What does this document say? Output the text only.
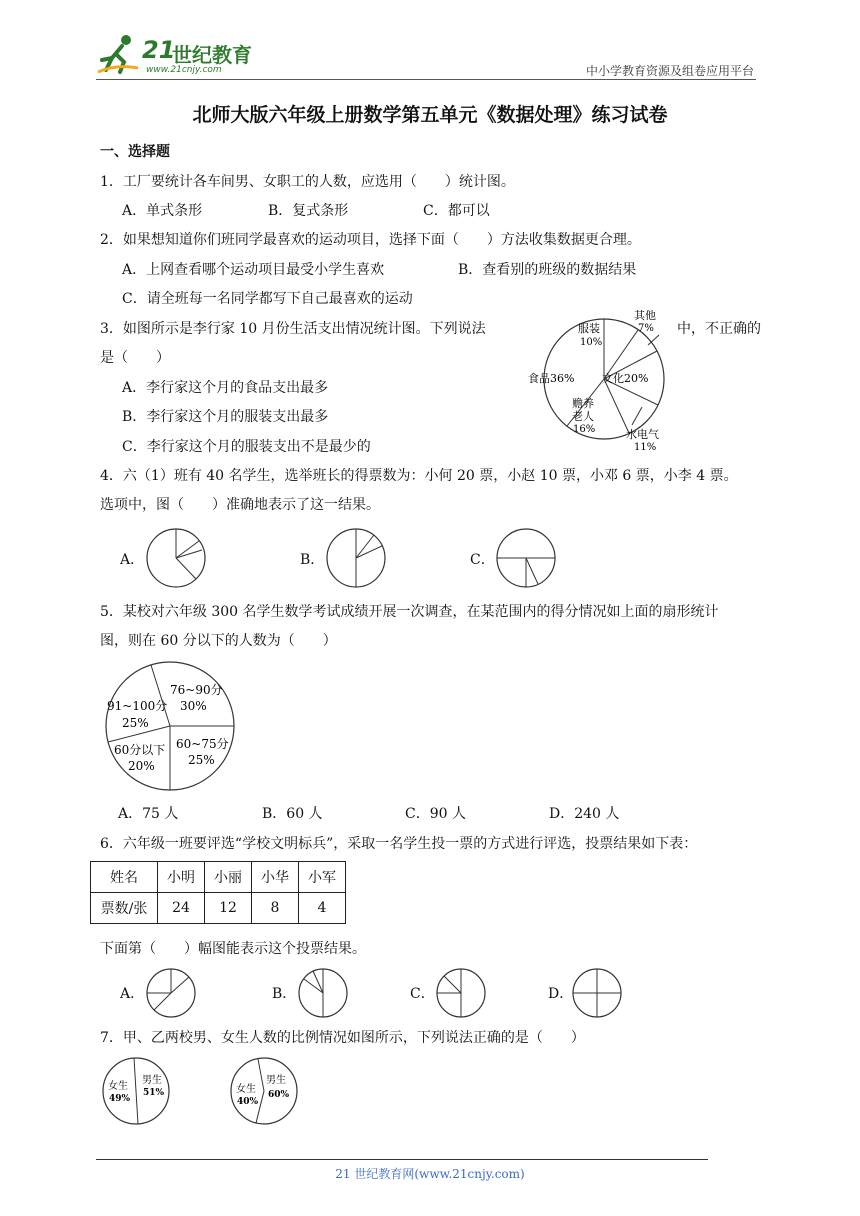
21
世纪教育
www.21cnjy.com	中小学教育资源及组卷应用平台
北师大版六年级上册数学第五单元《数据处理》练习试卷
一、选择题
1．工厂要统计各车间男、女职工的人数，应选用（　　）统计图。
A．单式条形	B．复式条形	C．都可以
2．如果想知道你们班同学最喜欢的运动项目，选择下面（　　）方法收集数据更合理。
A．上网查看哪个运动项目最受小学生喜欢	B．查看别的班级的数据结果
C．请全班每一名同学都写下自己最喜欢的运动
3．如图所示是李行家 10 月份生活支出情况统计图。下列说法	中，不正确的
是（　　）
A．李行家这个月的食品支出最多
B．李行家这个月的服装支出最多
C．李行家这个月的服装支出不是最少的
服装
10%
其他
7%
食品36%	文化20%
赡养
老人
16%	水电气
11%
4．六（1）班有 40 名学生，选举班长的得票数为：小何 20 票，小赵 10 票，小邓 6 票，小李 4 票。
选项中，图（　　）准确地表示了这一结果。
A．	B．	C．
5．某校对六年级 300 名学生数学考试成绩开展一次调查，在某范围内的得分情况如上面的扇形统计
图，则在 60 分以下的人数为（　　）
76~90分
30%
91~100分
25%
60分以下
20%
60~75分
25%
A．75 人	B．60 人	C．90 人	D．240 人
6．六年级一班要评选“学校文明标兵”，采取一名学生投一票的方式进行评选，投票结果如下表：
姓名	小明	小丽	小华	小军
票数/张	24	12	8	4
下面第（　　）幅图能表示这个投票结果。
A．	B．	C．	D．
7．甲、乙两校男、女生人数的比例情况如图所示，下列说法正确的是（　　）
女生
49%
男生
51%	女生
40%
男生
60%
21 世纪教育网(www.21cnjy.com)
